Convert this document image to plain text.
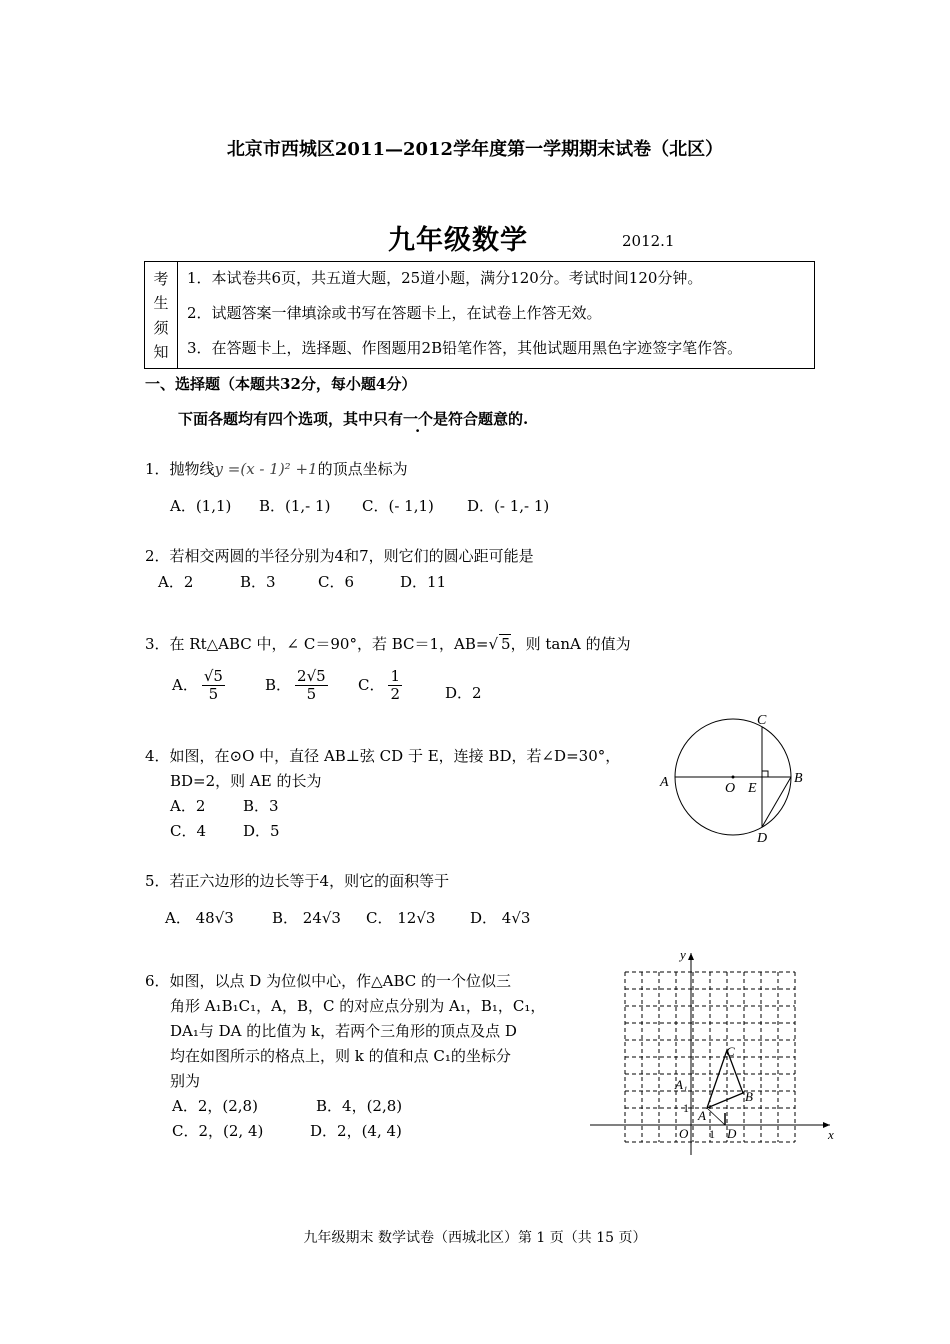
北京市西城区2011—2012学年度第一学期期末试卷（北区）
九年级数学	2012.1
考
生
须
知
1．本试卷共6页，共五道大题，25道小题，满分120分。考试时间120分钟。
2．试题答案一律填涂或书写在答题卡上，在试卷上作答无效。
3．在答题卡上，选择题、作图题用2B铅笔作答，其他试题用黑色字迹签字笔作答。
一、选择题（本题共32分，每小题4分）
下面各题均有四个选项，其中只有一个是符合题意的.
1．抛物线y =(x - 1)² +1的顶点坐标为
A．(1,1) B．(1,- 1) C．(- 1,1) D．(- 1,- 1)
2．若相交两圆的半径分别为4和7，则它们的圆心距可能是
A．2	B．3	C．6	D．11
3．在 Rt△ABC 中，∠ C＝90°，若 BC＝1，AB=√ 5，则 tanA 的值为
A． $\frac{√5}{5}$	B． $\frac{2√5}{5}$ C． $\frac{1}{2}$	D．2
4．如图，在⊙O 中，直径 AB⊥弦 CD 于 E，连接 BD，若∠D=30°，
BD=2，则 AE 的长为
A．2	B．3
C．4 D．5
A	B
C
D
O E
5．若正六边形的边长等于4，则它的面积等于
A． 48√3	B． 24√3 C． 12√3 D． 4√3
6．如图，以点 D 为位似中心，作△ABC 的一个位似三
角形 A₁B₁C₁，A，B，C 的对应点分别为 A₁，B₁，C₁，
DA₁与 DA 的比值为 k，若两个三角形的顶点及点 D
均在如图所示的格点上，则 k 的值和点 C₁的坐标分
别为
A．2，(2,8)	B．4，(2,8)
C．2，(2, 4)	D．2，(4, 4)
y
x
O 1
1
D
A
A₁
B
C
九年级期末 数学试卷（西城北区）第 1 页（共 15 页）
